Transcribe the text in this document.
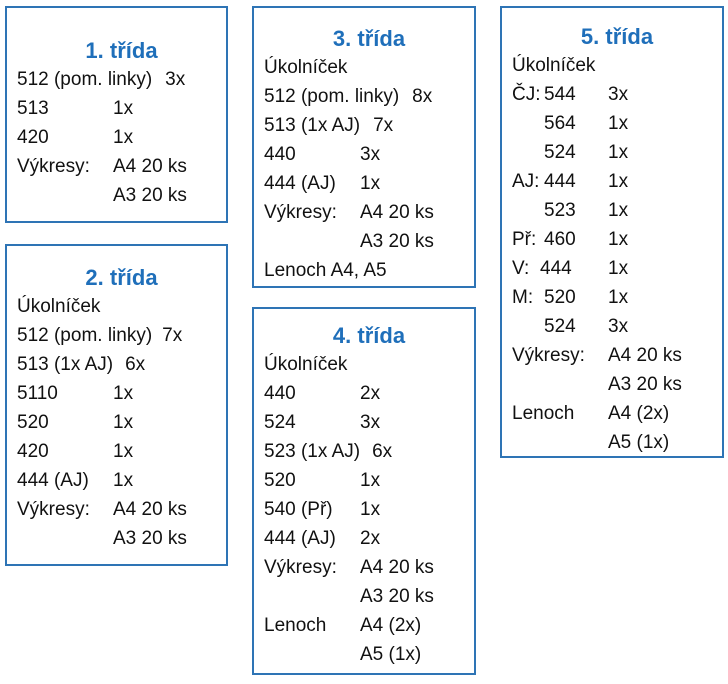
1. třída
512 (pom. linky) 3x
513	1x
420	1x
Výkresy:	A4 20 ks
A3 20 ks
2. třída
Úkolníček
512 (pom. linky) 7x
513 (1x AJ) 6x
5110	1x
520	1x
420	1x
444 (AJ)	1x
Výkresy:	A4 20 ks
A3 20 ks
3. třída
Úkolníček
512 (pom. linky) 8x
513 (1x AJ) 7x
440	3x
444 (AJ)	1x
Výkresy:	A4 20 ks
A3 20 ks
Lenoch A4, A5
4. třída
Úkolníček
440	2x
524	3x
523 (1x AJ) 6x
520	1x
540 (Př)	1x
444 (AJ)	2x
Výkresy:	A4 20 ks
A3 20 ks
Lenoch	A4 (2x)
A5 (1x)
5. třída
Úkolníček
ČJ: 544	3x
564	1x
524	1x
AJ: 444	1x
523	1x
Př: 460	1x
V: 444	1x
M: 520	1x
524	3x
Výkresy:	A4 20 ks
A3 20 ks
Lenoch	A4 (2x)
A5 (1x)
